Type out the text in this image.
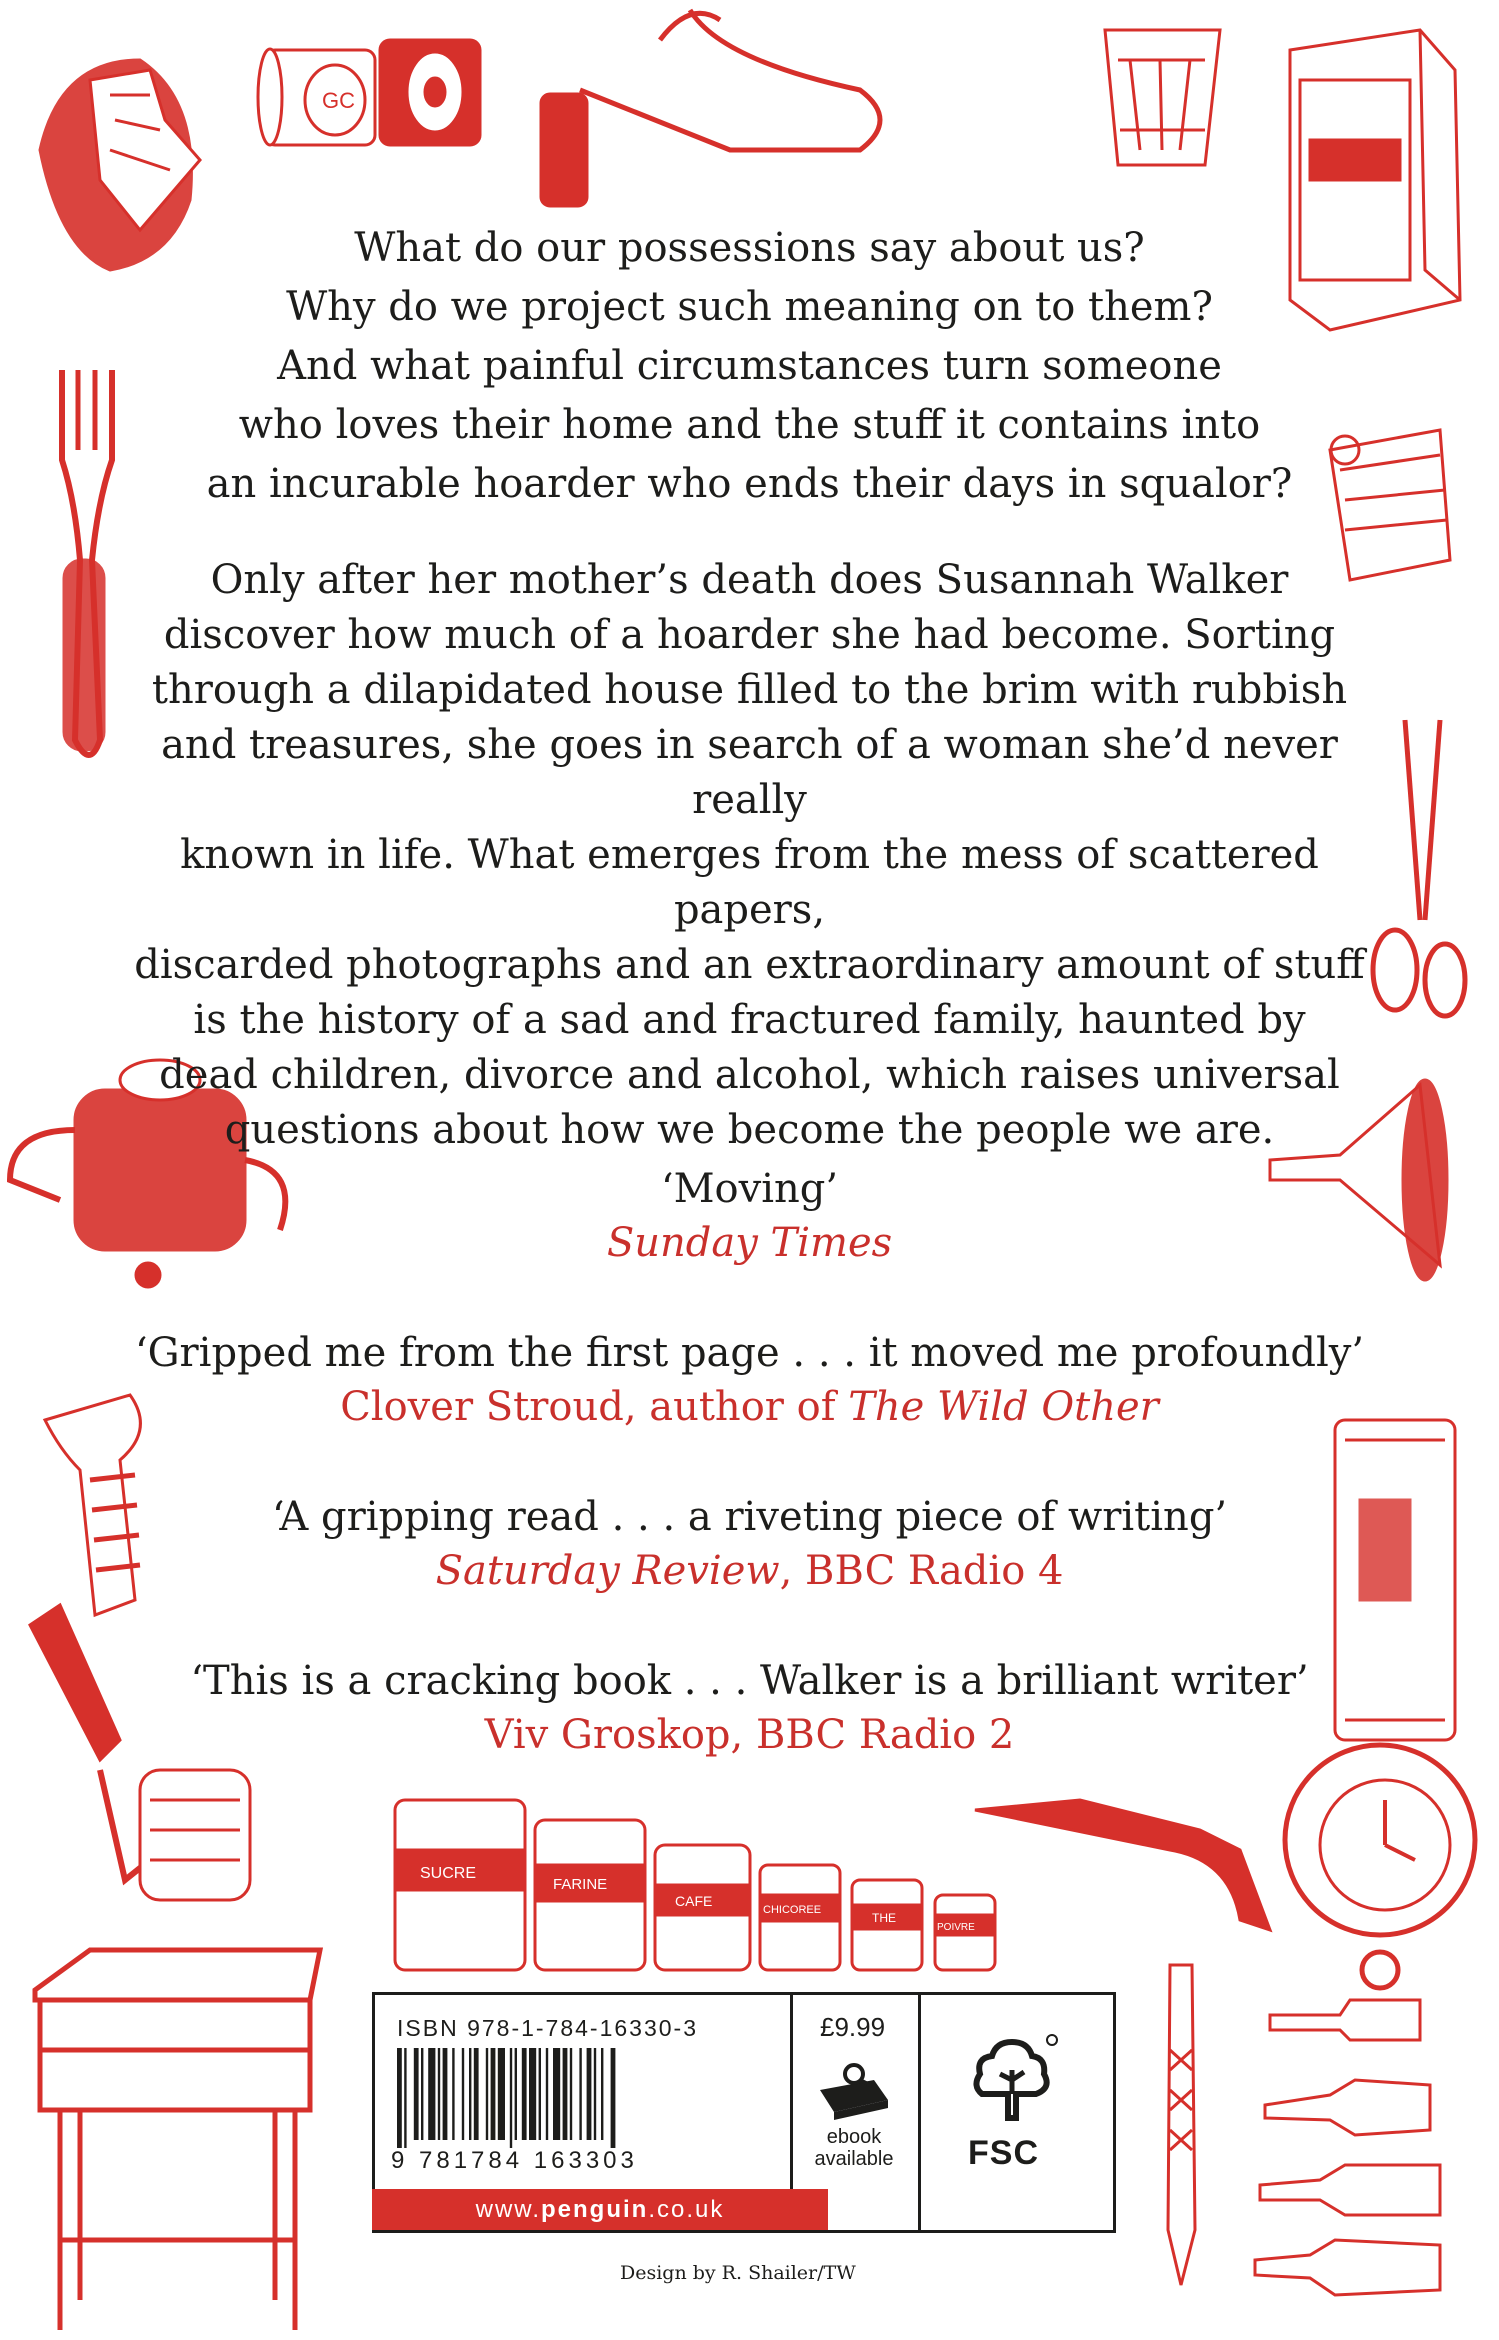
GC
SUCRE
FARINE
CAFE
CHICOREE
THE
POIVRE

What do our possessions say about us?

Why do we project such meaning on to them?

And what painful circumstances turn someone

who loves their home and the stuff it contains into

an incurable hoarder who ends their days in squalor?

Only after her mother’s death does Susannah Walker

discover how much of a hoarder she had become. Sorting

through a dilapidated house filled to the brim with rubbish

and treasures, she goes in search of a woman she’d never really

known in life. What emerges from the mess of scattered papers,

discarded photographs and an extraordinary amount of stuff

is the history of a sad and fractured family, haunted by

dead children, divorce and alcohol, which raises universal

questions about how we become the people we are.

‘Moving’
Sunday Times
‘Gripped me from the first page . . . it moved me profoundly’
Clover Stroud, author of The Wild Other
‘A gripping read . . . a riveting piece of writing’
Saturday Review, BBC Radio 4
‘This is a cracking book . . . Walker is a brilliant writer’
Viv Groskop, BBC Radio 2
ISBN 978-1-784-16330-3
9 781784 163303
£9.99
ebook
available FSC
www.penguin.co.uk
Design by R. Shailer/TW
